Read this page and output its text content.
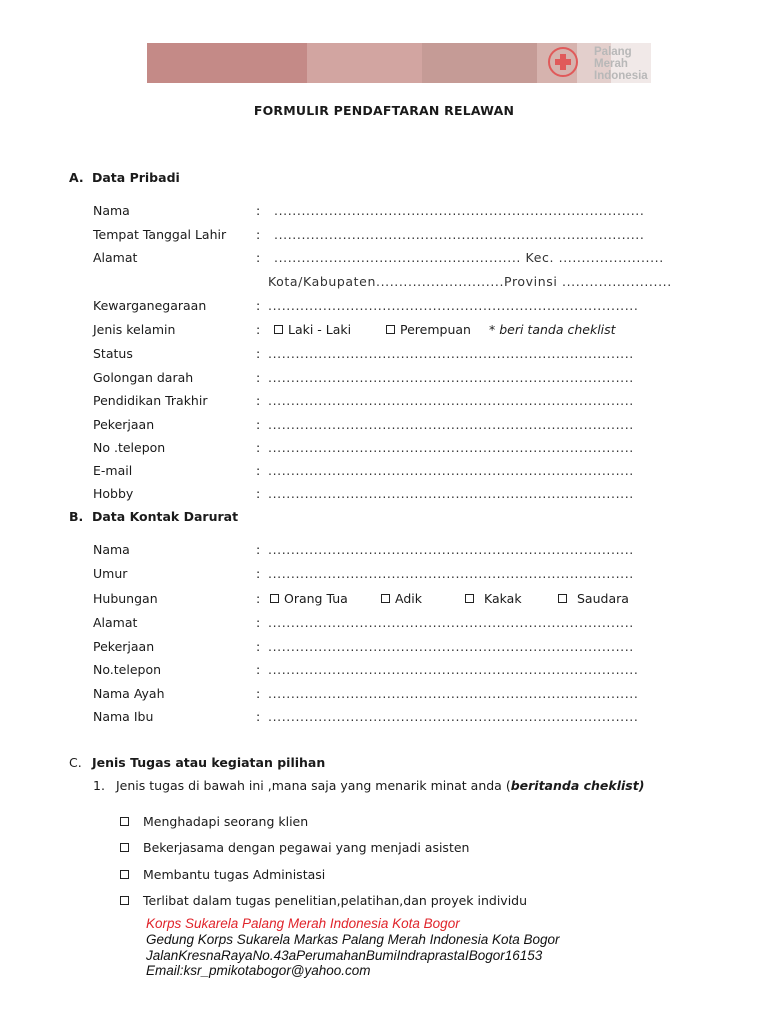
Palang
Merah
Indonesia
FORMULIR PENDAFTARAN RELAWAN
A. Data Pribadi
Nama	: .................................................................................
Tempat Tanggal Lahir : .................................................................................
Alamat	: ...................................................... Kec. .......................
Kota/Kabupaten............................Provinsi ........................
Kewarganegaraan	: .................................................................................
Jenis kelamin	:	Laki - Laki	Perempuan * beri tanda cheklist
Status	: ................................................................................
Golongan darah	: ................................................................................
Pendidikan Trakhir	: ................................................................................
Pekerjaan	: ................................................................................
No .telepon	: ................................................................................
E-mail	: ................................................................................
Hobby	: ................................................................................
B. Data Kontak Darurat
Nama	: ................................................................................
Umur	: ................................................................................
Hubungan	:	Orang Tua	Adik	Kakak	Saudara
Alamat	: ................................................................................
Pekerjaan	: ................................................................................
No.telepon	: .................................................................................
Nama Ayah	: .................................................................................
Nama Ibu	: .................................................................................
C. Jenis Tugas atau kegiatan pilihan
1. Jenis tugas di bawah ini ,mana saja yang menarik minat anda (beritanda cheklist)
Menghadapi seorang klien
Bekerjasama dengan pegawai yang menjadi asisten
Membantu tugas Administasi
Terlibat dalam tugas penelitian,pelatihan,dan proyek individu
Korps Sukarela Palang Merah Indonesia Kota Bogor
Gedung Korps Sukarela Markas Palang Merah Indonesia Kota Bogor
JalanKresnaRayaNo.43aPerumahanBumiIndraprastaIBogor16153
Email:ksr_pmikotabogor@yahoo.com
